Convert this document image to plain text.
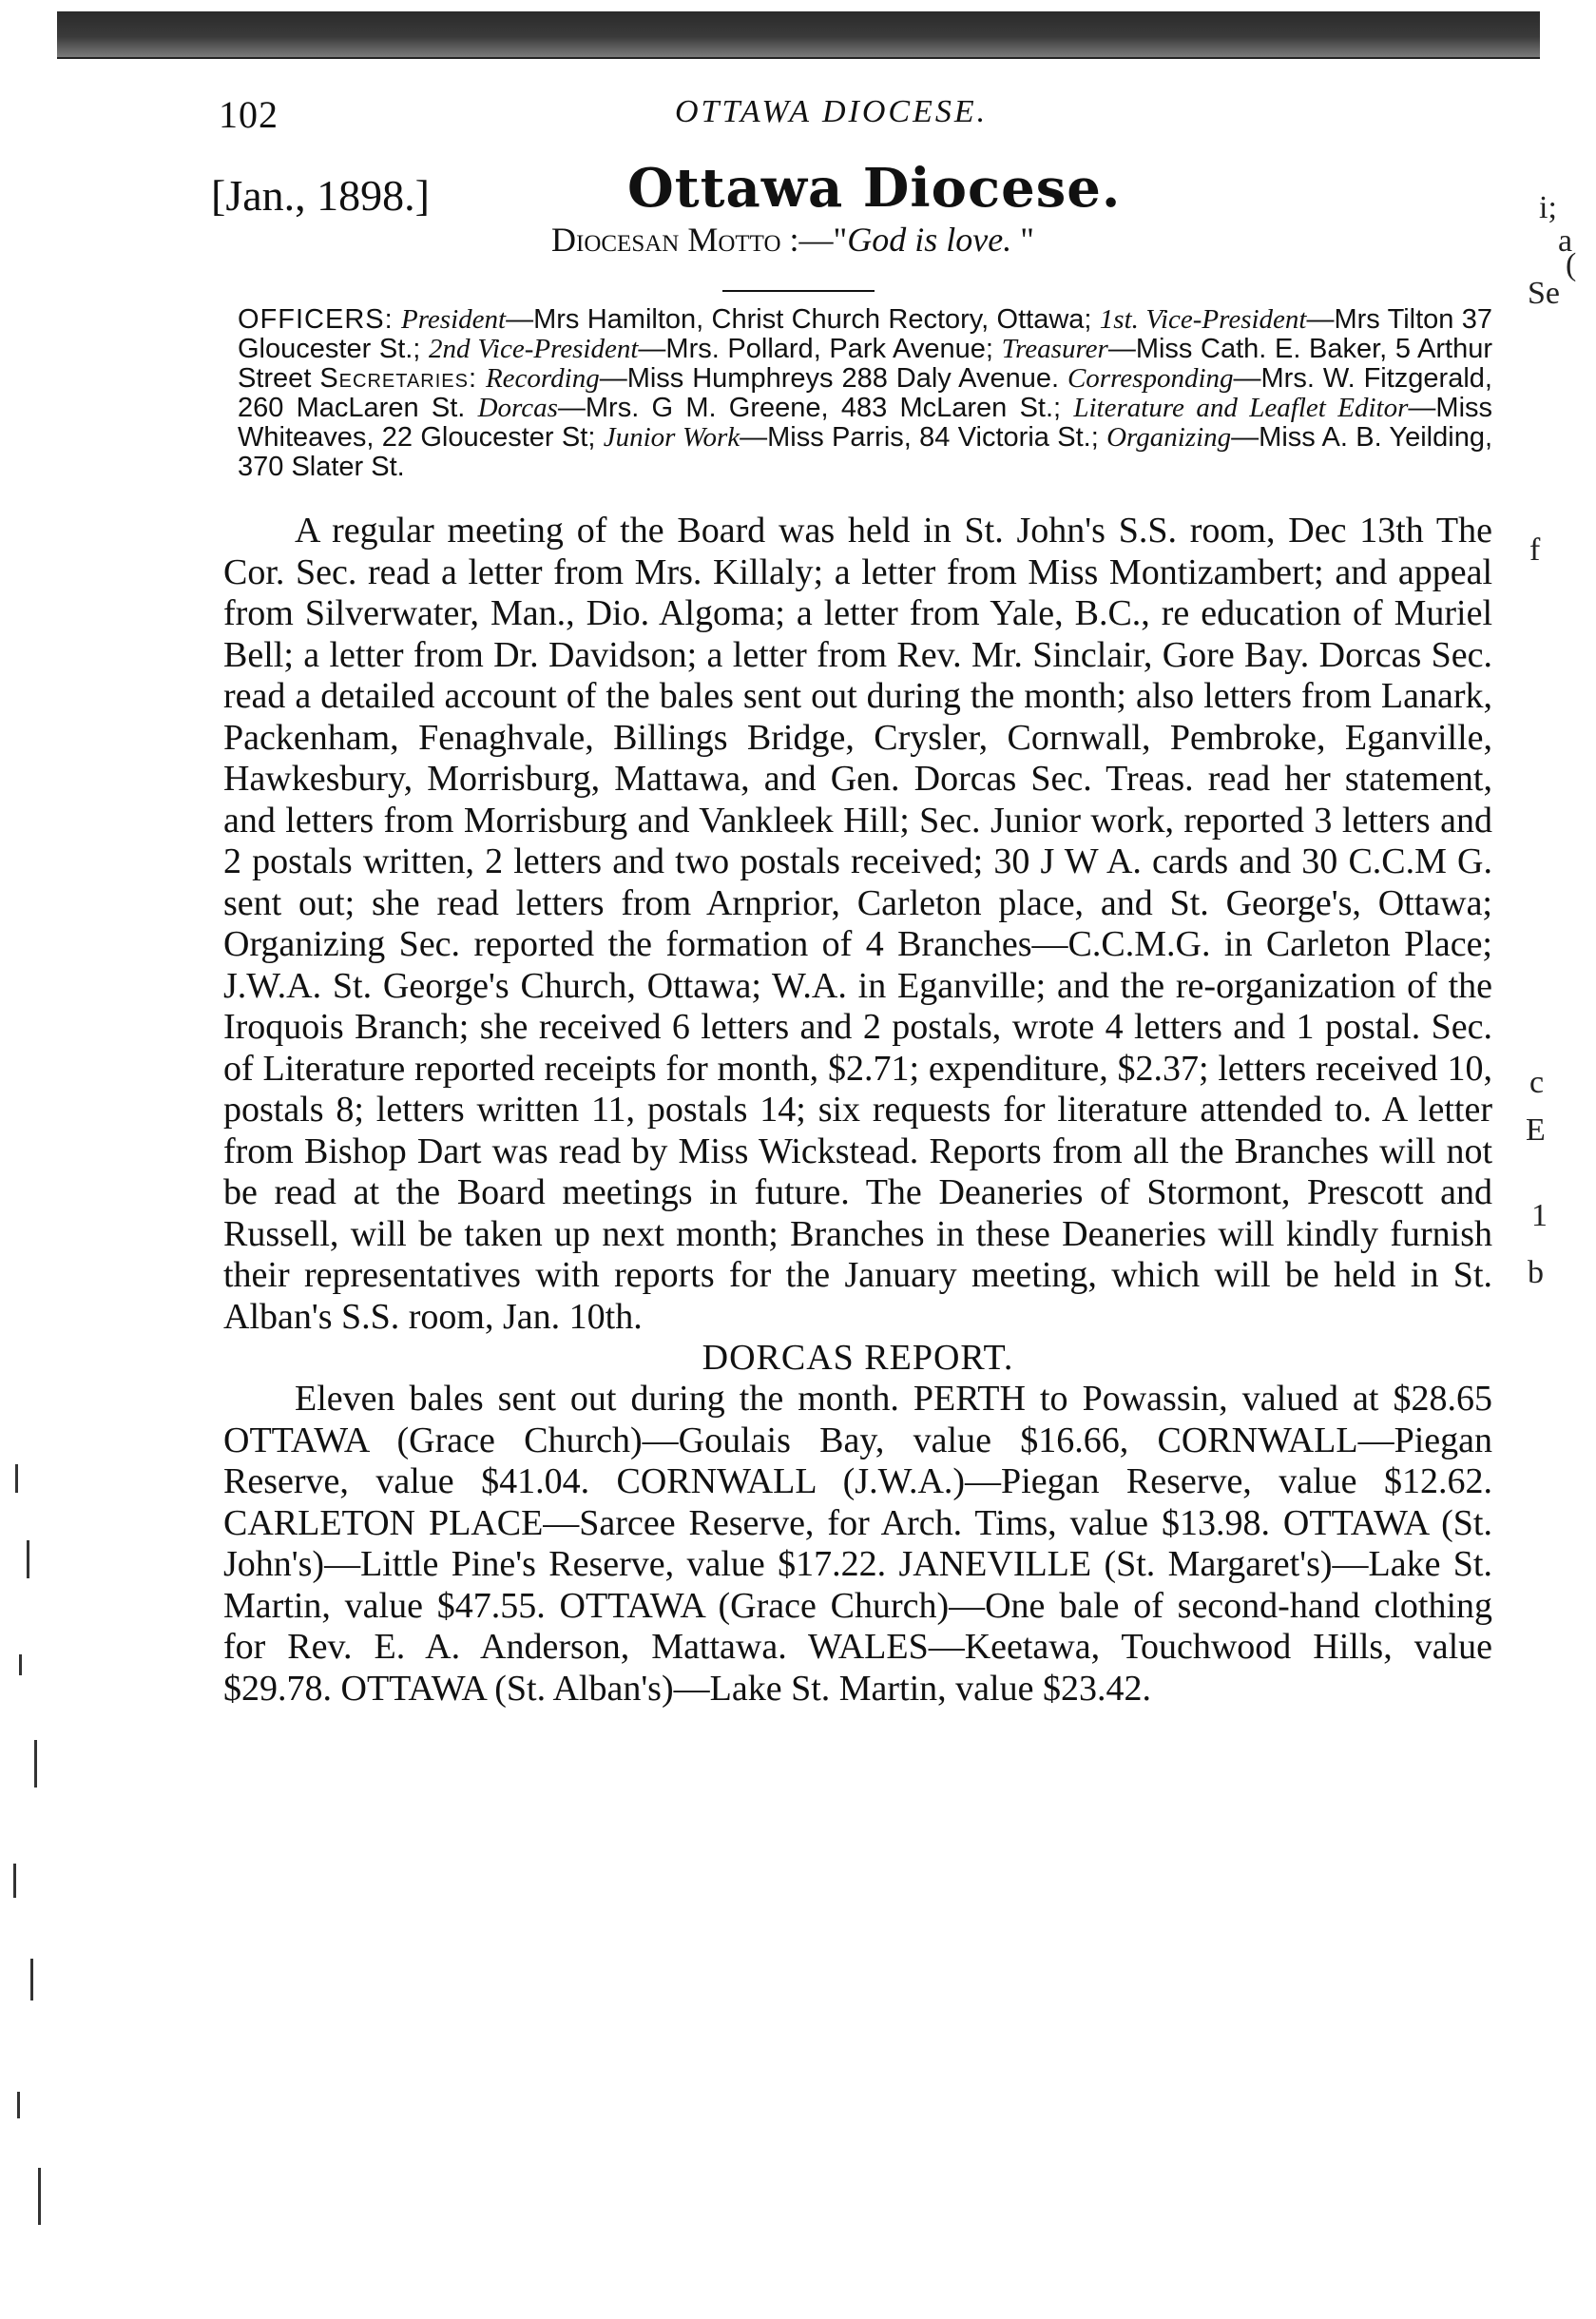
102	OTTAWA DIOCESE.
[Jan., 1898.]	Ottawa Diocese.
Diocesan Motto :—"God is love. "
OFFICERS: President—Mrs Hamilton, Christ Church Rectory, Ottawa; 1st. Vice-President—Mrs Tilton 37 Gloucester St.; 2nd Vice-President—Mrs. Pollard, Park Avenue; Treasurer—Miss Cath. E. Baker, 5 Arthur Street Secretaries: Recording—Miss Humphreys 288 Daly Avenue. Corresponding—Mrs. W. Fitzgerald, 260 MacLaren St. Dorcas—Mrs. G M. Greene, 483 McLaren St.; Literature and Leaflet Editor—Miss Whiteaves, 22 Gloucester St; Junior Work—Miss Parris, 84 Victoria St.; Organizing—Miss A. B. Yeilding, 370 Slater St.

A regular meeting of the Board was held in St. John's S.S. room, Dec 13th The Cor. Sec. read a letter from Mrs. Killaly; a letter from Miss Montizambert; and appeal from Silverwater, Man., Dio. Algoma; a letter from Yale, B.C., re education of Muriel Bell; a letter from Dr. Davidson; a letter from Rev. Mr. Sinclair, Gore Bay. Dorcas Sec. read a detailed account of the bales sent out during the month; also letters from Lanark, Packenham, Fenaghvale, Billings Bridge, Crysler, Cornwall, Pembroke, Eganville, Hawkesbury, Morrisburg, Mattawa, and Gen. Dorcas Sec. Treas. read her statement, and letters from Morrisburg and Vankleek Hill; Sec. Junior work, reported 3 letters and 2 postals written, 2 letters and two postals received; 30 J W A. cards and 30 C.C.M G. sent out; she read letters from Arnprior, Carleton place, and St. George's, Ottawa; Organizing Sec. reported the formation of 4 Branches—C.C.M.G. in Carleton Place; J.W.A. St. George's Church, Ottawa; W.A. in Eganville; and the re-organization of the Iroquois Branch; she received 6 letters and 2 postals, wrote 4 letters and 1 postal. Sec. of Literature reported receipts for month, $2.71; expenditure, $2.37; letters received 10, postals 8; letters written 11, postals 14; six requests for literature attended to. A letter from Bishop Dart was read by Miss Wickstead. Reports from all the Branches will not be read at the Board meetings in future. The Deaneries of Stormont, Prescott and Russell, will be taken up next month; Branches in these Deaneries will kindly furnish their representatives with reports for the January meeting, which will be held in St. Alban's S.S. room, Jan. 10th.

DORCAS REPORT.

Eleven bales sent out during the month. PERTH to Powassin, valued at $28.65 OTTAWA (Grace Church)—Goulais Bay, value $16.66, CORNWALL—Piegan Reserve, value $41.04. CORNWALL (J.W.A.)—Piegan Reserve, value $12.62. CARLETON PLACE—Sarcee Reserve, for Arch. Tims, value $13.98. OTTAWA (St. John's)—Little Pine's Reserve, value $17.22. JANEVILLE (St. Margaret's)—Lake St. Martin, value $47.55. OTTAWA (Grace Church)—One bale of second-hand clothing for Rev. E. A. Anderson, Mattawa. WALES—Keetawa, Touchwood Hills, value $29.78. OTTAWA (St. Alban's)—Lake St. Martin, value $23.42.

a
i;
(
Se
f
c
E
1
b
